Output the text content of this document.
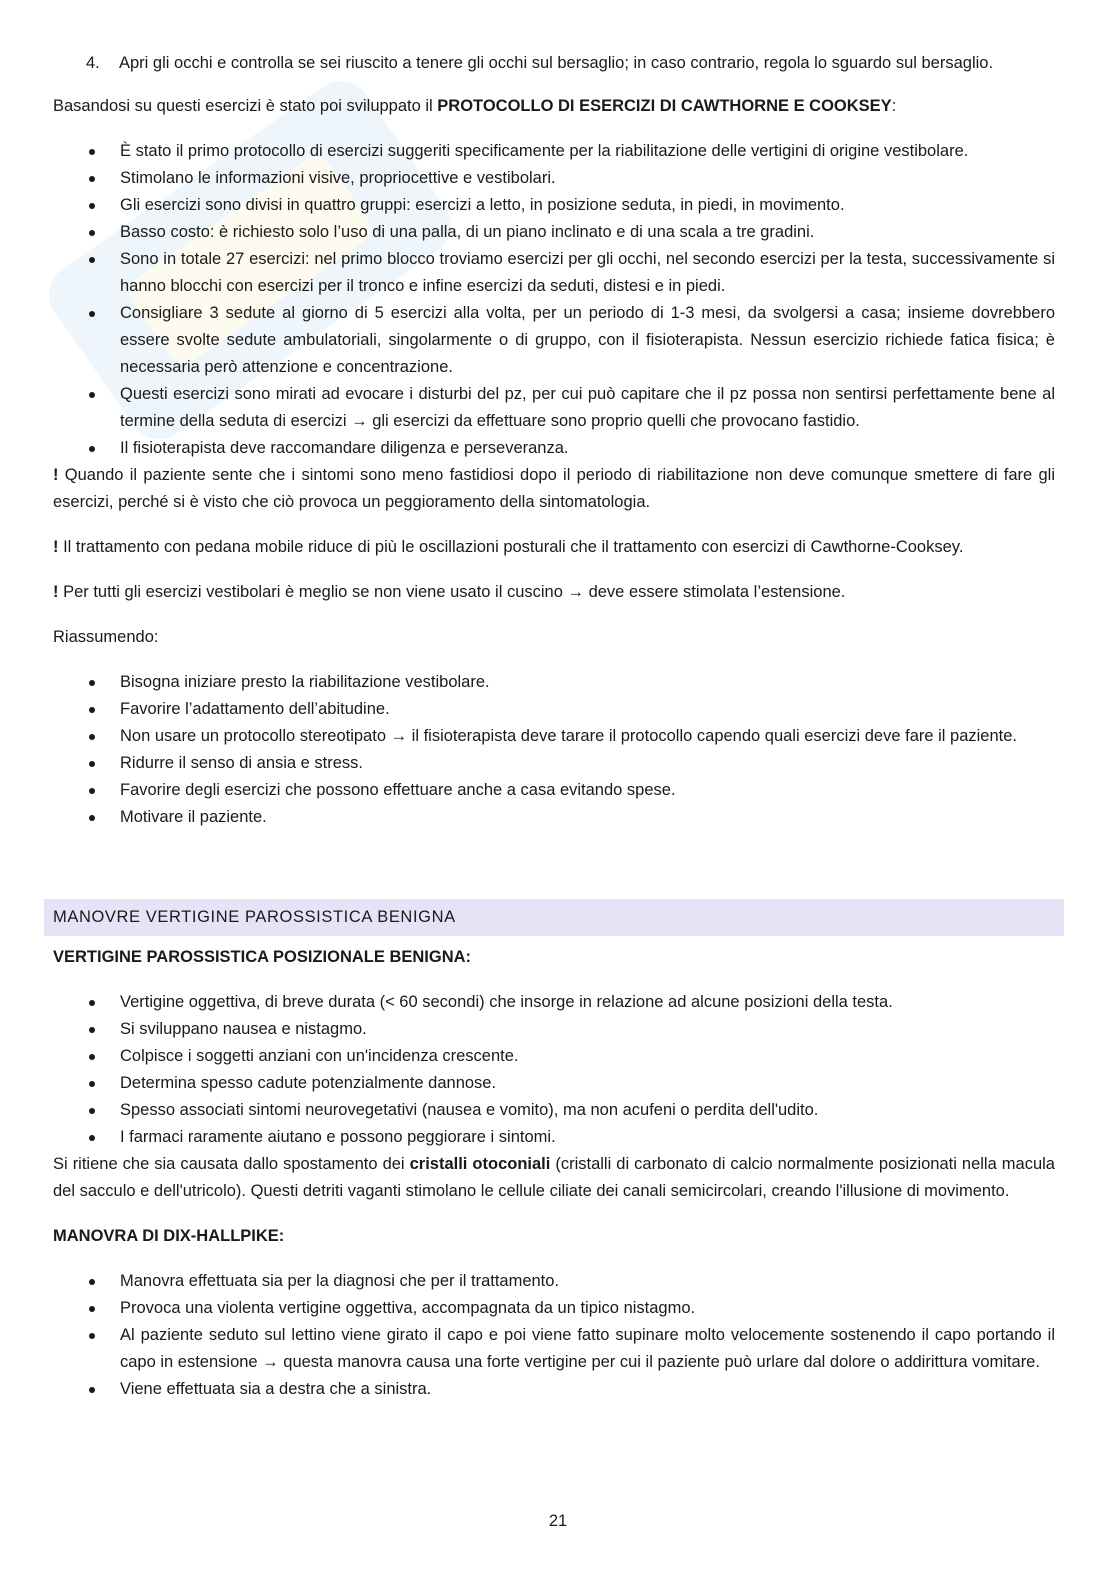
4. Apri gli occhi e controlla se sei riuscito a tenere gli occhi sul bersaglio; in caso contrario, regola lo sguardo sul bersaglio.

Basandosi su questi esercizi è stato poi sviluppato il PROTOCOLLO DI ESERCIZI DI CAWTHORNE E COOKSEY:

È stato il primo protocollo di esercizi suggeriti specificamente per la riabilitazione delle vertigini di origine vestibolare.
Stimolano le informazioni visive, propriocettive e vestibolari.
Gli esercizi sono divisi in quattro gruppi: esercizi a letto, in posizione seduta, in piedi, in movimento.
Basso costo: è richiesto solo l’uso di una palla, di un piano inclinato e di una scala a tre gradini.
Sono in totale 27 esercizi: nel primo blocco troviamo esercizi per gli occhi, nel secondo esercizi per la testa, successivamente si hanno blocchi con esercizi per il tronco e infine esercizi da seduti, distesi e in piedi.
Consigliare 3 sedute al giorno di 5 esercizi alla volta, per un periodo di 1-3 mesi, da svolgersi a casa; insieme dovrebbero essere svolte sedute ambulatoriali, singolarmente o di gruppo, con il fisioterapista. Nessun esercizio richiede fatica fisica; è necessaria però attenzione e concentrazione.
Questi esercizi sono mirati ad evocare i disturbi del pz, per cui può capitare che il pz possa non sentirsi perfettamente bene al termine della seduta di esercizi → gli esercizi da effettuare sono proprio quelli che provocano fastidio.
Il fisioterapista deve raccomandare diligenza e perseveranza.

! Quando il paziente sente che i sintomi sono meno fastidiosi dopo il periodo di riabilitazione non deve comunque smettere di fare gli esercizi, perché si è visto che ciò provoca un peggioramento della sintomatologia.

! Il trattamento con pedana mobile riduce di più le oscillazioni posturali che il trattamento con esercizi di Cawthorne-Cooksey.

! Per tutti gli esercizi vestibolari è meglio se non viene usato il cuscino → deve essere stimolata l’estensione.

Riassumendo:

Bisogna iniziare presto la riabilitazione vestibolare.
Favorire l’adattamento dell’abitudine.
Non usare un protocollo stereotipato → il fisioterapista deve tarare il protocollo capendo quali esercizi deve fare il paziente.
Ridurre il senso di ansia e stress.
Favorire degli esercizi che possono effettuare anche a casa evitando spese.
Motivare il paziente.
MANOVRE VERTIGINE PAROSSISTICA BENIGNA

VERTIGINE PAROSSISTICA POSIZIONALE BENIGNA:

Vertigine oggettiva, di breve durata (< 60 secondi) che insorge in relazione ad alcune posizioni della testa.
Si sviluppano nausea e nistagmo.
Colpisce i soggetti anziani con un'incidenza crescente.
Determina spesso cadute potenzialmente dannose.
Spesso associati sintomi neurovegetativi (nausea e vomito), ma non acufeni o perdita dell'udito.
I farmaci raramente aiutano e possono peggiorare i sintomi.

Si ritiene che sia causata dallo spostamento dei cristalli otoconiali (cristalli di carbonato di calcio normalmente posizionati nella macula del sacculo e dell'utricolo). Questi detriti vaganti stimolano le cellule ciliate dei canali semicircolari, creando l'illusione di movimento.

MANOVRA DI DIX-HALLPIKE:

Manovra effettuata sia per la diagnosi che per il trattamento.
Provoca una violenta vertigine oggettiva, accompagnata da un tipico nistagmo.
Al paziente seduto sul lettino viene girato il capo e poi viene fatto supinare molto velocemente sostenendo il capo portando il capo in estensione → questa manovra causa una forte vertigine per cui il paziente può urlare dal dolore o addirittura vomitare.
Viene effettuata sia a destra che a sinistra.
21
